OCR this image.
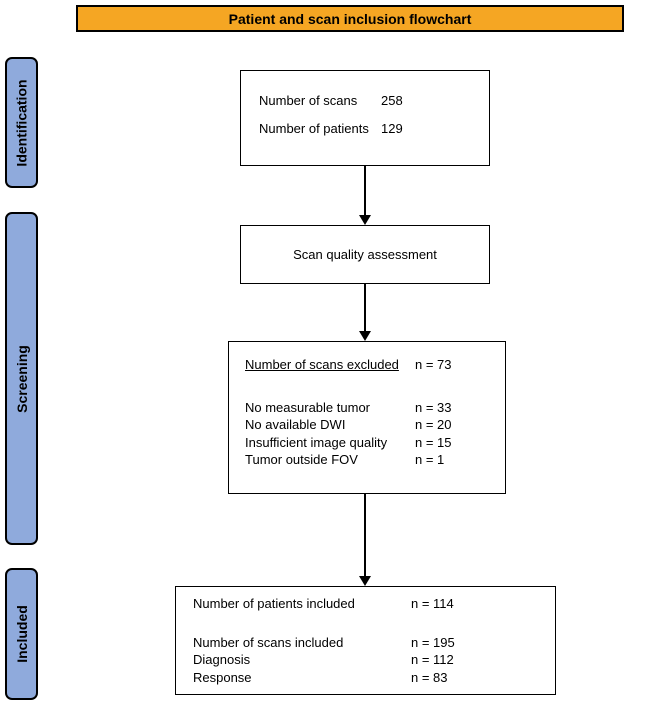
Patient and scan inclusion flowchart
Identification
Screening
Included
Number of scans	258
Number of patients 129
Scan quality assessment
Number of scans excluded	n = 73
No measurable tumor	n = 33
No available DWI	n = 20
Insufficient image quality	n = 15
Tumor outside FOV	n = 1
Number of patients included	n = 114
Number of scans included	n = 195
Diagnosis	n = 112
Response	n = 83
